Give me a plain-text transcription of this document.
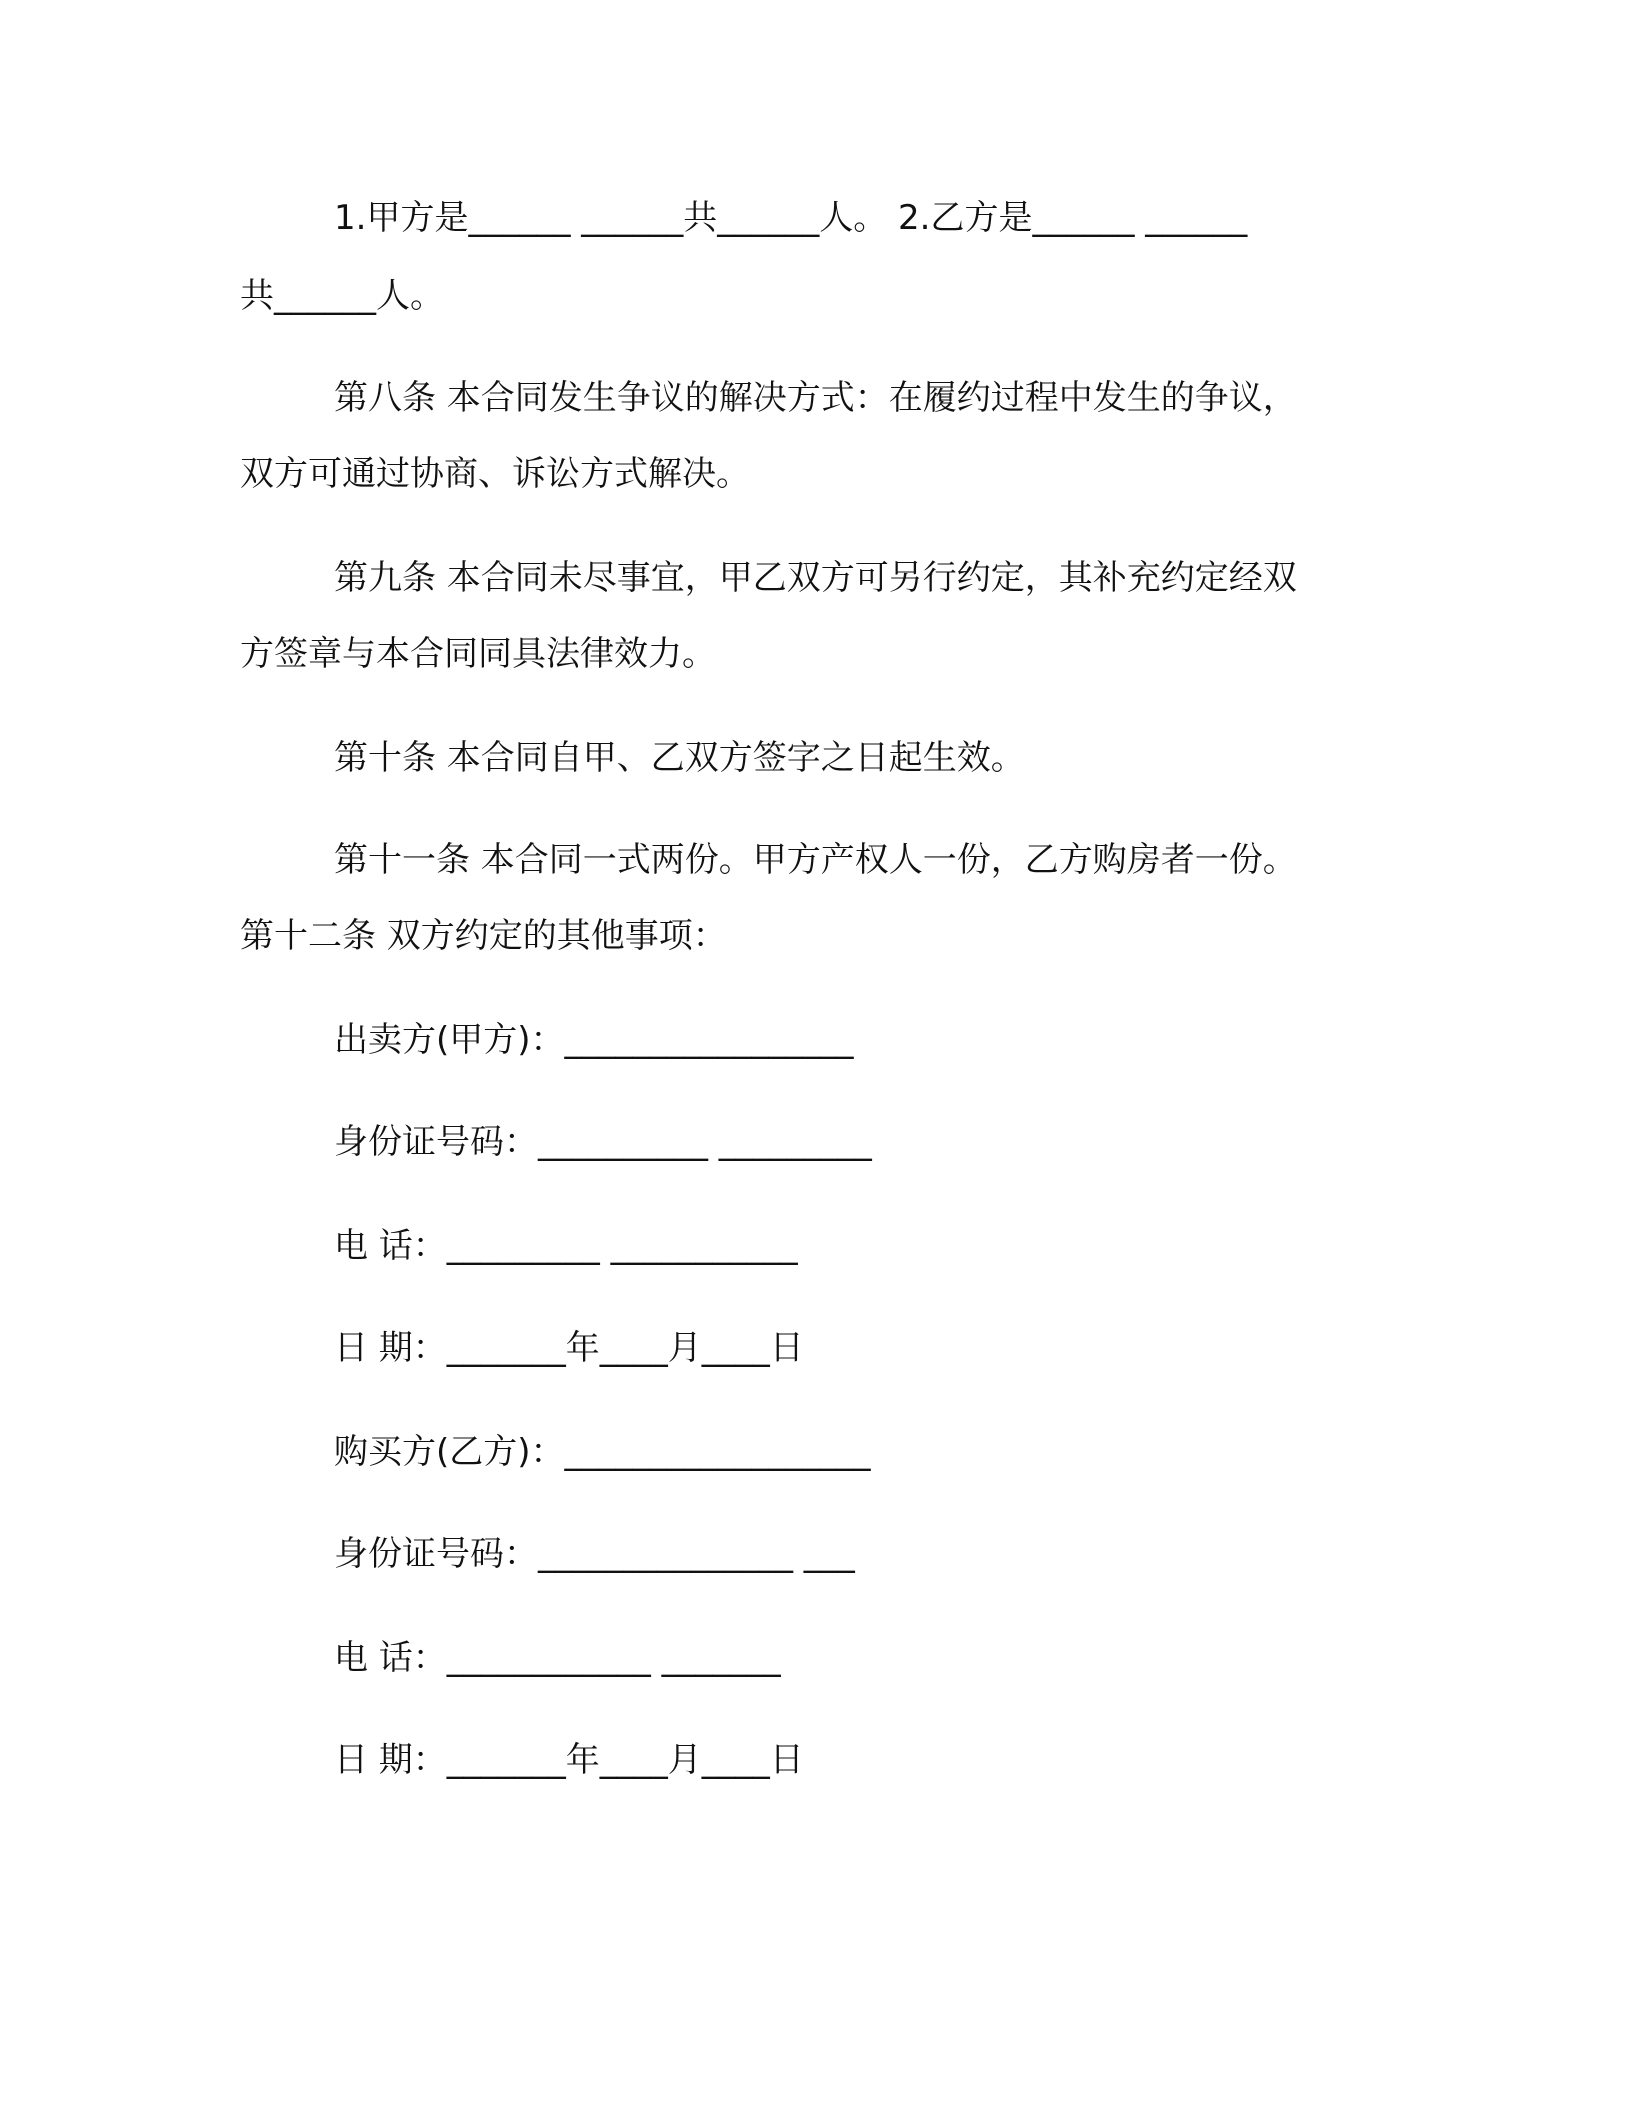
1.甲方是______ ______共______人。 2.乙方是______ ______
共______人。
第八条 本合同发生争议的解决方式：在履约过程中发生的争议，
双方可通过协商、诉讼方式解决。
第九条 本合同未尽事宜，甲乙双方可另行约定，其补充约定经双
方签章与本合同同具法律效力。
第十条 本合同自甲、乙双方签字之日起生效。
第十一条 本合同一式两份。甲方产权人一份，乙方购房者一份。
第十二条 双方约定的其他事项：
出卖方(甲方)：_________________
身份证号码：__________ _________
电 话：_________ ___________
日 期：_______年____月____日
购买方(乙方)：__________________
身份证号码：_______________ ___
电 话：____________ _______
日 期：_______年____月____日
